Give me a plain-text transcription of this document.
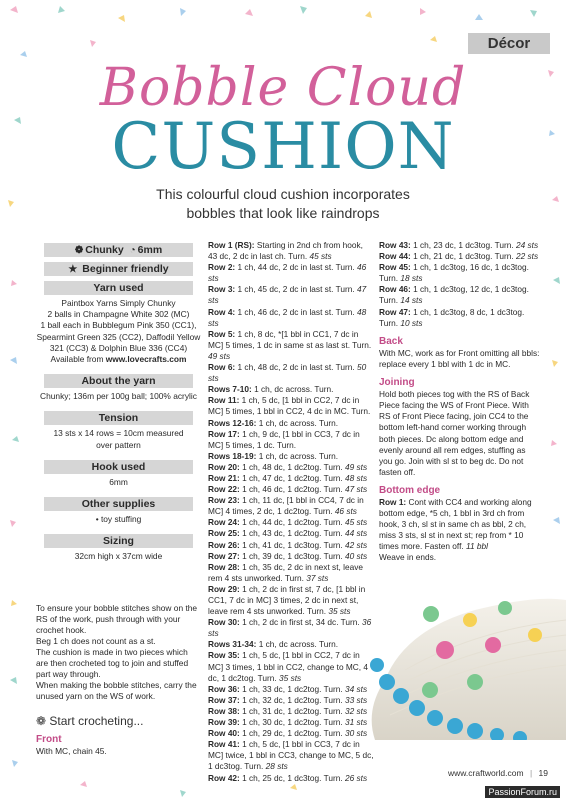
Décor
Bobble Cloud
CUSHION
This colourful cloud cushion incorporates
bobbles that look like raindrops
❁ Chunky ◔ 6mm
★ Beginner friendly
Yarn used

Paintbox Yarns Simply Chunky

2 balls in Champagne White 302 (MC)

1 ball each in Bubblegum Pink 350 (CC1),

Spearmint Green 325 (CC2), Daffodil Yellow

321 (CC3) & Dolphin Blue 336 (CC4)

Available from www.lovecrafts.com

About the yarn

Chunky; 136m per 100g ball; 100% acrylic

Tension

13 sts x 14 rows = 10cm measured

over pattern

Hook used

6mm

Other supplies

• toy stuffing

Sizing

32cm high x 37cm wide

To ensure your bobble stitches show on the RS of the work, push through with your crochet hook.

Beg 1 ch does not count as a st.

The cushion is made in two pieces which are then crocheted tog to join and stuffed part way through.

When making the bobble stitches, carry the unused yarn on the WS of work.

❁ Start crocheting...
Front
With MC, chain 45.

Row 1 (RS): Starting in 2nd ch from hook, 43 dc, 2 dc in last ch. Turn. 45 sts

Row 2: 1 ch, 44 dc, 2 dc in last st. Turn. 46 sts

Row 3: 1 ch, 45 dc, 2 dc in last st. Turn. 47 sts

Row 4: 1 ch, 46 dc, 2 dc in last st. Turn. 48 sts

Row 5: 1 ch, 8 dc, *[1 bbl in CC1, 7 dc in MC] 5 times, 1 dc in same st as last st. Turn. 49 sts

Row 6: 1 ch, 48 dc, 2 dc in last st. Turn. 50 sts

Rows 7-10: 1 ch, dc across. Turn.

Row 11: 1 ch, 5 dc, [1 bbl in CC2, 7 dc in MC] 5 times, 1 bbl in CC2, 4 dc in MC. Turn.

Rows 12-16: 1 ch, dc across. Turn.

Row 17: 1 ch, 9 dc, [1 bbl in CC3, 7 dc in MC] 5 times, 1 dc. Turn.

Rows 18-19: 1 ch, dc across. Turn.

Row 20: 1 ch, 48 dc, 1 dc2tog. Turn. 49 sts

Row 21: 1 ch, 47 dc, 1 dc2tog. Turn. 48 sts

Row 22: 1 ch, 46 dc, 1 dc2tog. Turn. 47 sts

Row 23: 1 ch, 11 dc, [1 bbl in CC4, 7 dc in MC] 4 times, 2 dc, 1 dc2tog. Turn. 46 sts

Row 24: 1 ch, 44 dc, 1 dc2tog. Turn. 45 sts

Row 25: 1 ch, 43 dc, 1 dc2tog. Turn. 44 sts

Row 26: 1 ch, 41 dc, 1 dc3tog. Turn. 42 sts

Row 27: 1 ch, 39 dc, 1 dc3tog. Turn. 40 sts

Row 28: 1 ch, 35 dc, 2 dc in next st, leave rem 4 sts unworked. Turn. 37 sts

Row 29: 1 ch, 2 dc in first st, 7 dc, [1 bbl in CC1, 7 dc in MC] 3 times, 2 dc in next st, leave rem 4 sts unworked. Turn. 35 sts

Row 30: 1 ch, 2 dc in first st, 34 dc. Turn. 36 sts

Rows 31-34: 1 ch, dc across. Turn.

Row 35: 1 ch, 5 dc, [1 bbl in CC2, 7 dc in MC] 3 times, 1 bbl in CC2, change to MC, 4 dc, 1 dc2tog. Turn. 35 sts

Row 36: 1 ch, 33 dc, 1 dc2tog. Turn. 34 sts

Row 37: 1 ch, 32 dc, 1 dc2tog. Turn. 33 sts

Row 38: 1 ch, 31 dc, 1 dc2tog. Turn. 32 sts

Row 39: 1 ch, 30 dc, 1 dc2tog. Turn. 31 sts

Row 40: 1 ch, 29 dc, 1 dc2tog. Turn. 30 sts

Row 41: 1 ch, 5 dc, [1 bbl in CC3, 7 dc in MC] twice, 1 bbl in CC3, change to MC, 5 dc, 1 dc3tog. Turn. 28 sts

Row 42: 1 ch, 25 dc, 1 dc3tog. Turn. 26 sts

Row 43: 1 ch, 23 dc, 1 dc3tog. Turn. 24 sts

Row 44: 1 ch, 21 dc, 1 dc3tog. Turn. 22 sts

Row 45: 1 ch, 1 dc3tog, 16 dc, 1 dc3tog. Turn. 18 sts

Row 46: 1 ch, 1 dc3tog, 12 dc, 1 dc3tog. Turn. 14 sts

Row 47: 1 ch, 1 dc3tog, 8 dc, 1 dc3tog. Turn. 10 sts

Back

With MC, work as for Front omitting all bbls: replace every 1 bbl with 1 dc in MC.

Joining

Hold both pieces tog with the RS of Back Piece facing the WS of Front Piece. With RS of Front Piece facing, join CC4 to the bottom left-hand corner working through both pieces. Dc along bottom edge and evenly around all rem edges, stuffing as you go. Join with sl st to beg dc. Do not fasten off.

Bottom edge

Row 1: Cont with CC4 and working along bottom edge, *5 ch, 1 bbl in 3rd ch from hook, 3 ch, sl st in same ch as bbl, 2 ch, miss 3 sts, sl st in next st; rep from * 10 times more. Fasten off. 11 bbl

Weave in ends.

www.craftworld.com | 19
PassionForum.ru
